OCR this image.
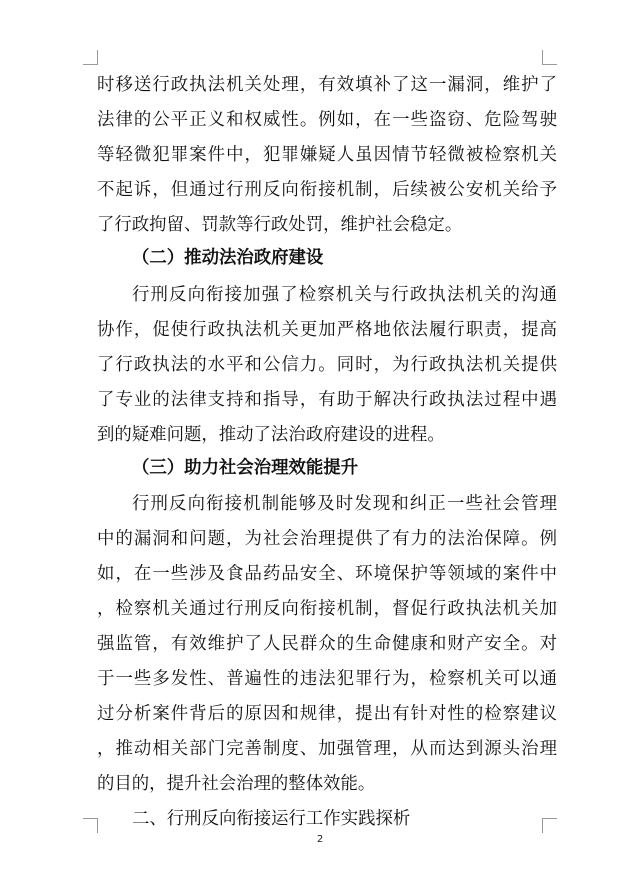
时移送行政执法机关处理，有效填补了这一漏洞，维护了
法律的公平正义和权威性。例如，在一些盗窃、危险驾驶
等轻微犯罪案件中，犯罪嫌疑人虽因情节轻微被检察机关
不起诉，但通过行刑反向衔接机制，后续被公安机关给予
了行政拘留、罚款等行政处罚，维护社会稳定。
（二）推动法治政府建设
行刑反向衔接加强了检察机关与行政执法机关的沟通
协作，促使行政执法机关更加严格地依法履行职责，提高
了行政执法的水平和公信力。同时，为行政执法机关提供
了专业的法律支持和指导，有助于解决行政执法过程中遇
到的疑难问题，推动了法治政府建设的进程。
（三）助力社会治理效能提升
行刑反向衔接机制能够及时发现和纠正一些社会管理
中的漏洞和问题，为社会治理提供了有力的法治保障。例
如，在一些涉及食品药品安全、环境保护等领域的案件中
，检察机关通过行刑反向衔接机制，督促行政执法机关加
强监管，有效维护了人民群众的生命健康和财产安全。对
于一些多发性、普遍性的违法犯罪行为，检察机关可以通
过分析案件背后的原因和规律，提出有针对性的检察建议
，推动相关部门完善制度、加强管理，从而达到源头治理
的目的，提升社会治理的整体效能。
二、行刑反向衔接运行工作实践探析
2
